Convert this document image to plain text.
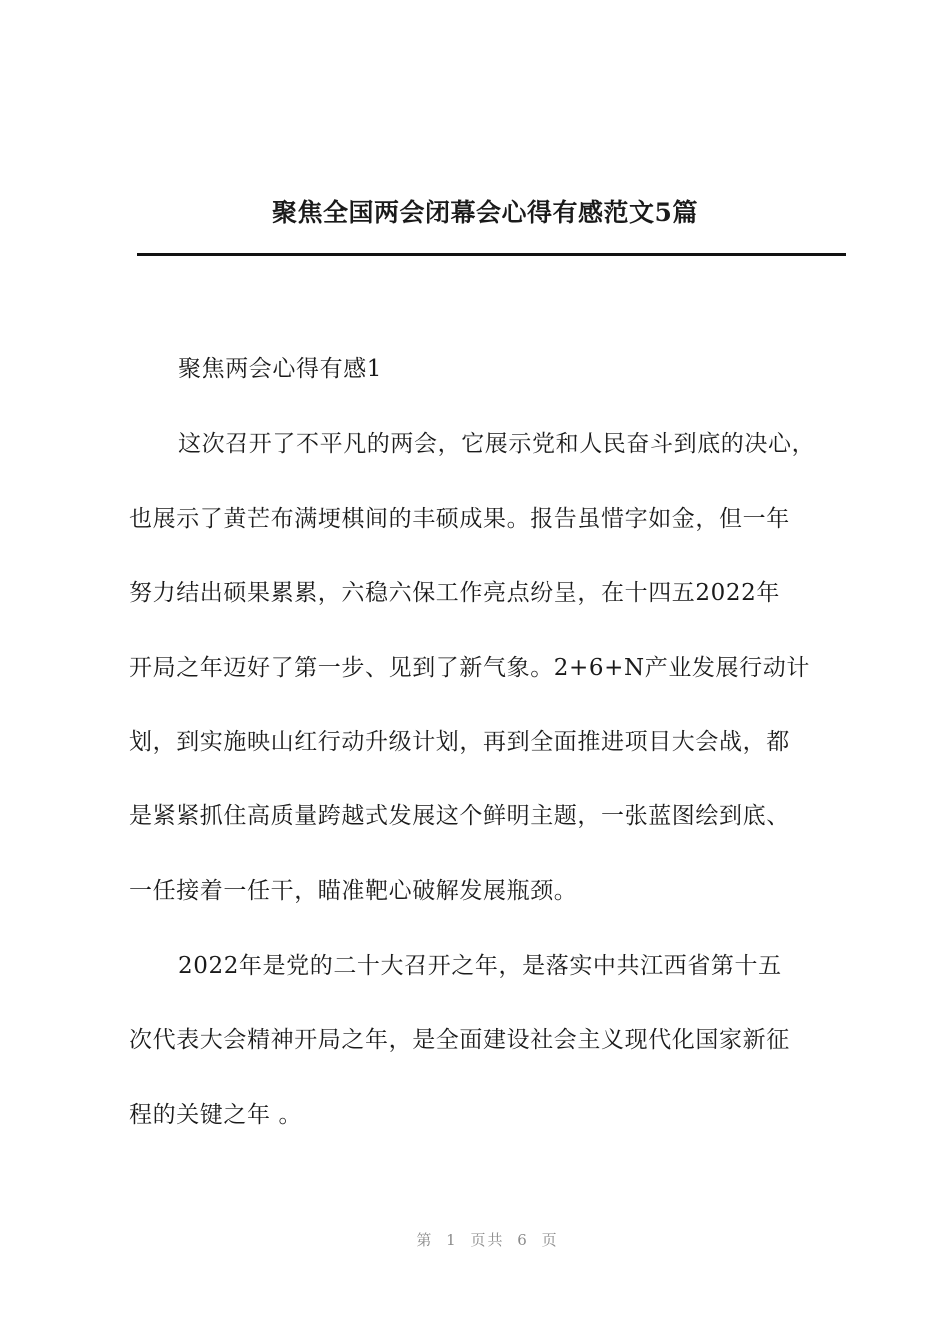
聚焦全国两会闭幕会心得有感范文5篇
聚焦两会心得有感1
这次召开了不平凡的两会，它展示党和人民奋斗到底的决心，
也展示了黄芒布满埂棋间的丰硕成果。报告虽惜字如金，但一年
努力结出硕果累累，六稳六保工作亮点纷呈，在十四五2022年
开局之年迈好了第一步、见到了新气象。2+6+N产业发展行动计
划，到实施映山红行动升级计划，再到全面推进项目大会战，都
是紧紧抓住高质量跨越式发展这个鲜明主题，一张蓝图绘到底、
一任接着一任干，瞄准靶心破解发展瓶颈。
2022年是党的二十大召开之年，是落实中共江西省第十五
次代表大会精神开局之年，是全面建设社会主义现代化国家新征
程的关键之年 。
第 1 页共 6 页
